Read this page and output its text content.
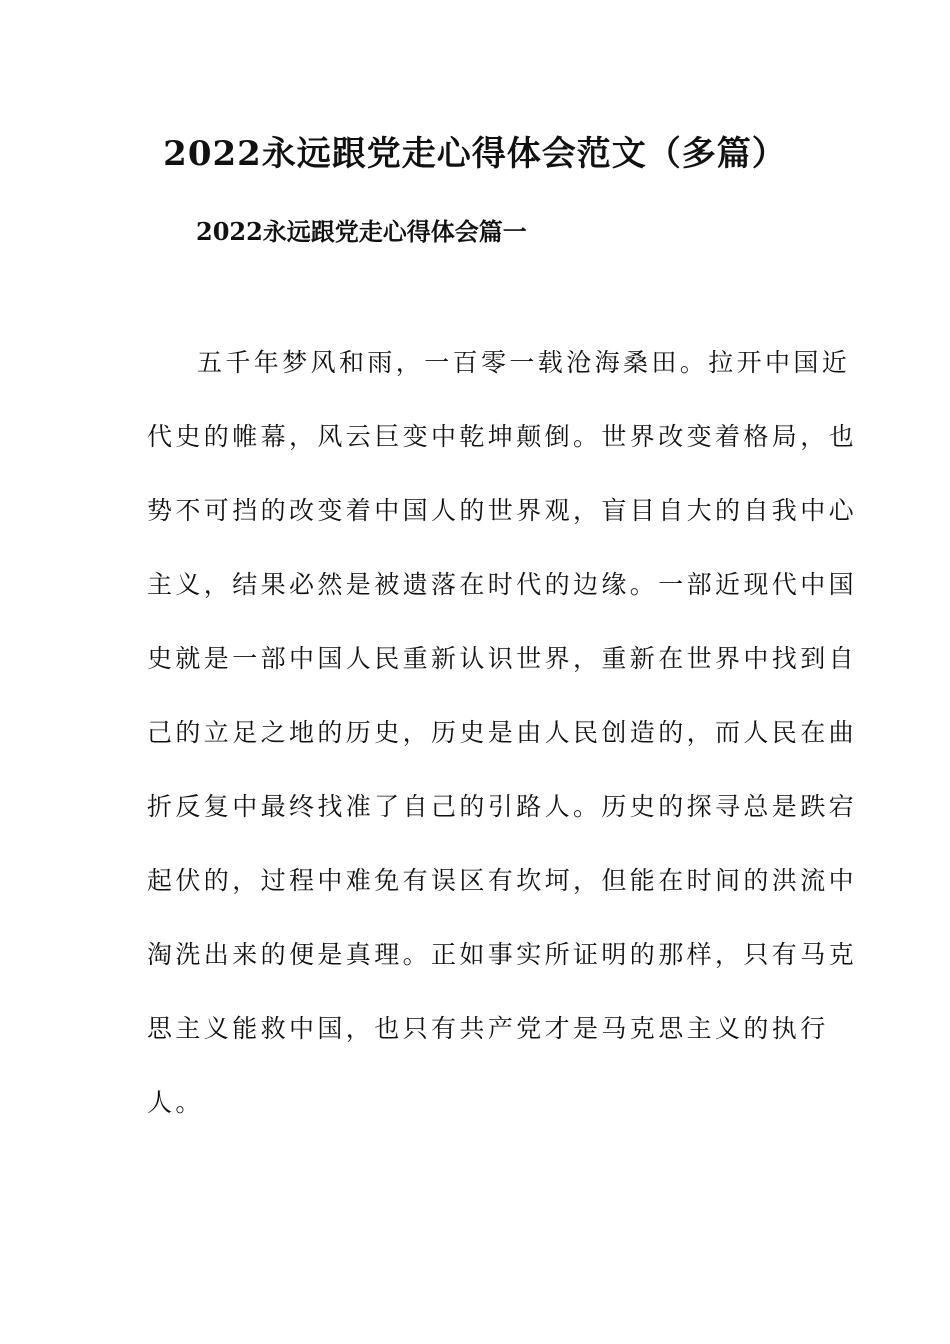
2022永远跟党走心得体会范文（多篇）
2022永远跟党走心得体会篇一
五千年梦风和雨，一百零一载沧海桑田。拉开中国近
代史的帷幕，风云巨变中乾坤颠倒。世界改变着格局，也
势不可挡的改变着中国人的世界观，盲目自大的自我中心
主义，结果必然是被遗落在时代的边缘。一部近现代中国
史就是一部中国人民重新认识世界，重新在世界中找到自
己的立足之地的历史，历史是由人民创造的，而人民在曲
折反复中最终找准了自己的引路人。历史的探寻总是跌宕
起伏的，过程中难免有误区有坎坷，但能在时间的洪流中
淘洗出来的便是真理。正如事实所证明的那样，只有马克
思主义能救中国，也只有共产党才是马克思主义的执行
人。
